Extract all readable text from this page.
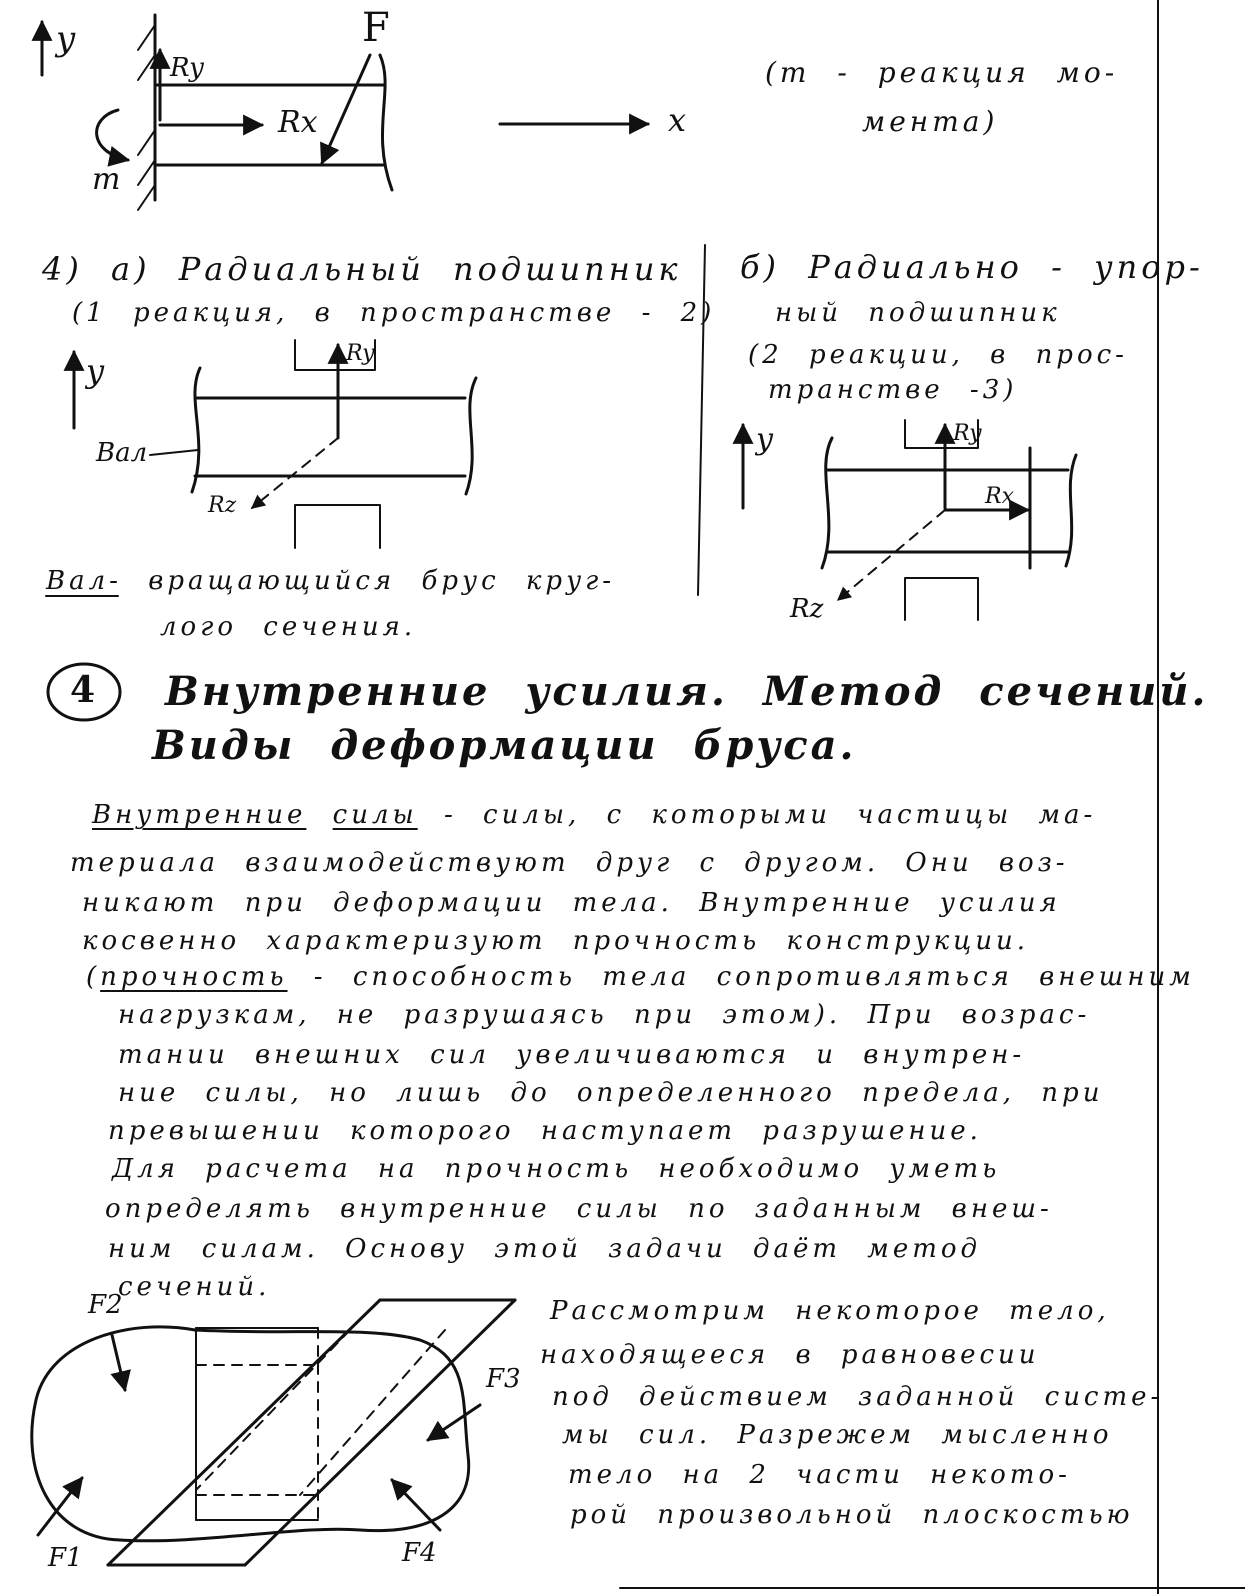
y
Ry
Rx
F
m
x
(m - реакция мо-
мента)
4) а) Радиальный подшипник
(1 реакция, в пространстве - 2)
y	Ry
Rz
Вал
б) Радиально - упор-
ный подшипник
(2 реакции, в прос-
транстве -3)
y	Ry
Rx
Rz
Вал- вращающийся брус круг-
лого сечения.
4 Внутренние усилия. Метод сечений.
Виды деформации бруса.
Внутренние силы - силы, с которыми частицы ма-
териала взаимодействуют друг с другом. Они воз-
никают при деформации тела. Внутренние усилия
косвенно характеризуют прочность конструкции.
(прочность - способность тела сопротивляться внешним
нагрузкам, не разрушаясь при этом). При возрас-
тании внешних сил увеличиваются и внутрен-
ние силы, но лишь до определенного предела, при
превышении которого наступает разрушение.
Для расчета на прочность необходимо уметь
определять внутренние силы по заданным внеш-
ним силам. Основу этой задачи даёт метод
сечений.
F1
F2
F3
F4
Рассмотрим некоторое тело,
находящееся в равновесии
под действием заданной систе-
мы сил. Разрежем мысленно
тело на 2 части некото-
рой произвольной плоскостью
